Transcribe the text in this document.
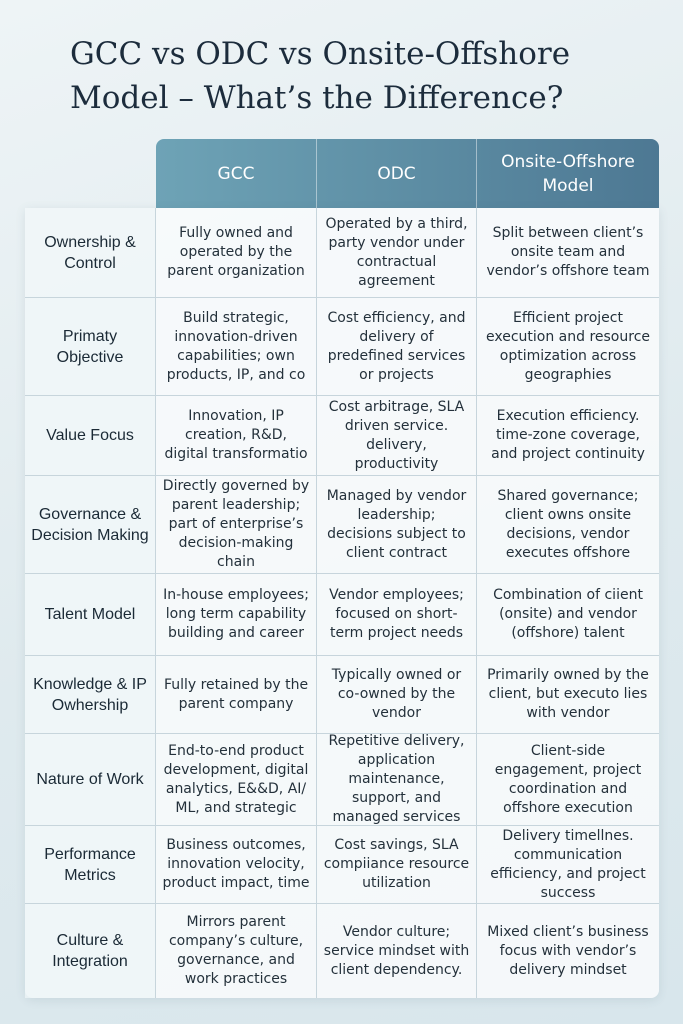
GCC vs ODC vs Onsite-Offshore Model – What’s the Difference?
GCC	ODC
Onsite-Offshore Model
Ownership & Control
Fully owned and operated by the parent organization
Operated by a third, party vendor under contractual agreement
Split between client’s onsite team and vendor’s offshore team
Primaty Objective
Build strategic, innovation-driven capabilities; own products, IP, and co
Cost efficiency, and delivery of predefined services or projects
Efficient project execution and resource optimization across geographies
Value Focus
Innovation, IP creation, R&D, digital transformatio
Cost arbitrage, SLA driven service. delivery, productivity
Execution efficiency. time-zone coverage, and project continuity
Governance & Decision Making
Directly governed by parent leadership; part of enterprise’s decision-making chain
Managed by vendor leadership; decisions subject to client contract
Shared governance; client owns onsite decisions, vendor executes offshore
Talent Model
In-house employees; long term capability building and career
Vendor employees; focused on short-term project needs
Combination of ciient (onsite) and vendor (offshore) talent
Knowledge & IP Owhership
Fully retained by the parent company
Typically owned or co-owned by the vendor
Primarily owned by the client, but executo lies with vendor
Nature of Work
End-to-end product development, digital analytics, E&&D, AI/ ML, and strategic
Repetitive delivery, application maintenance, support, and managed services
Client-side engagement, project coordination and offshore execution
Performance Metrics
Business outcomes, innovation velocity, product impact, time
Cost savings, SLA compiiance resource utilization
Delivery timellnes. communication efficiency, and project success
Culture & Integration
Mirrors parent company’s culture, governance, and work practices
Vendor culture; service mindset with client dependency.
Mixed client’s business focus with vendor’s delivery mindset
